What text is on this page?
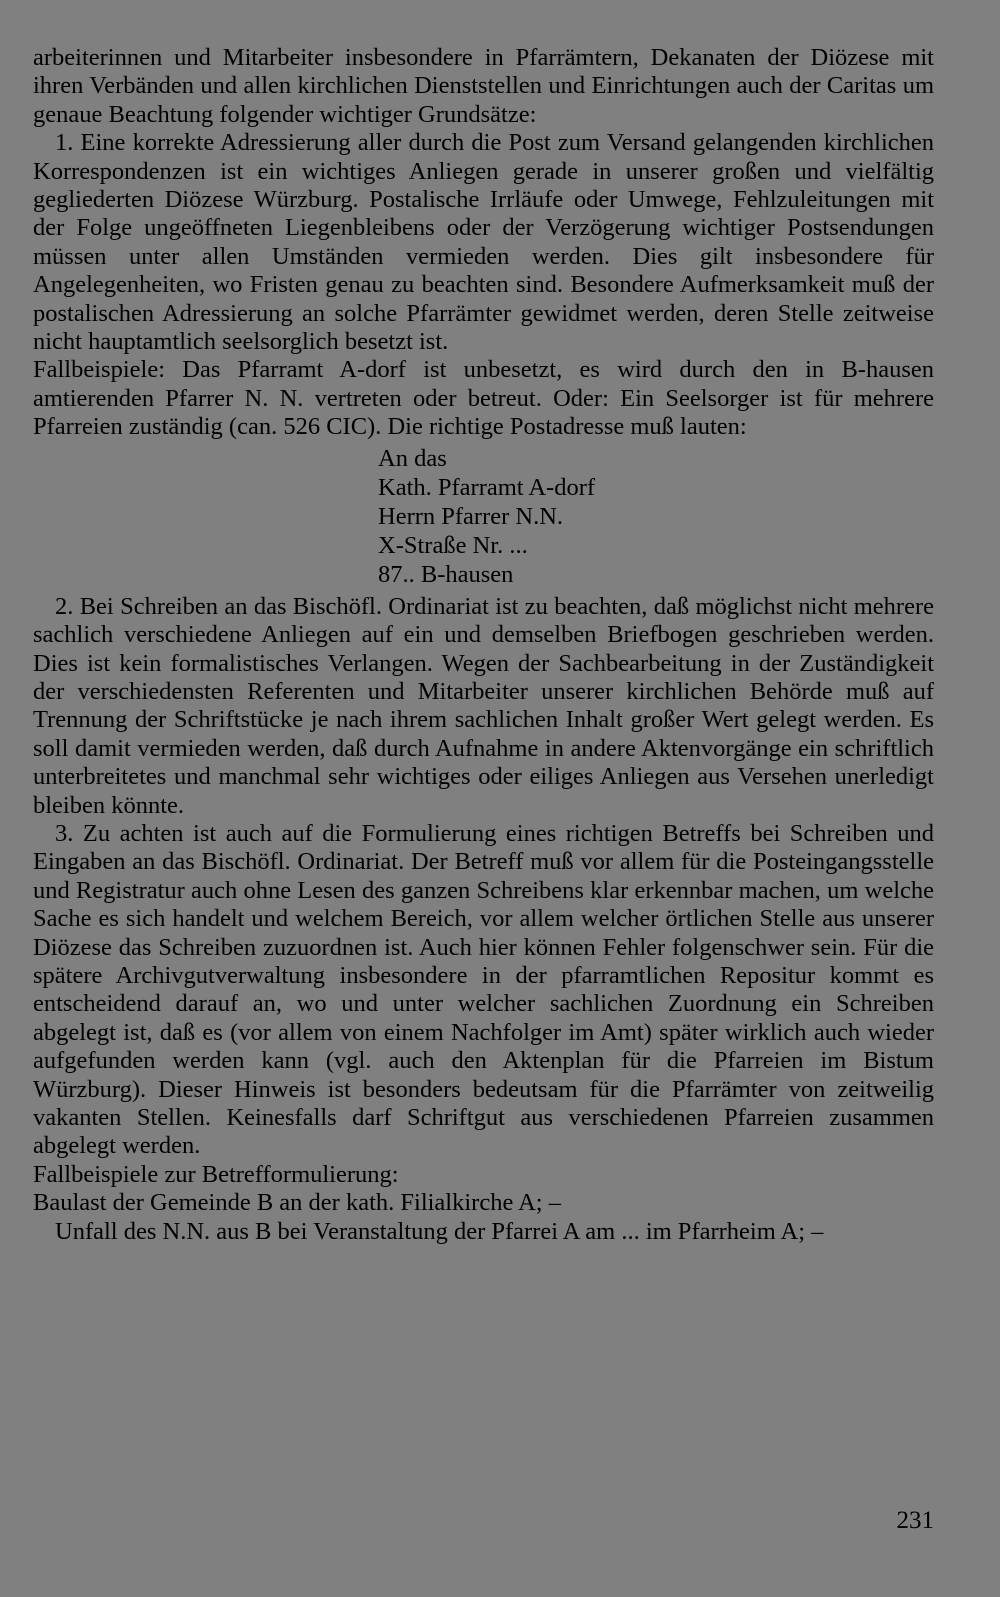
arbeiterinnen und Mitarbeiter insbesondere in Pfarrämtern, Dekanaten der Diözese mit ihren Verbänden und allen kirchlichen Dienststellen und Einrichtungen auch der Caritas um genaue Beachtung folgender wichtiger Grundsätze:

1. Eine korrekte Adressierung aller durch die Post zum Versand gelangenden kirchlichen Korrespondenzen ist ein wichtiges Anliegen gerade in unserer großen und vielfältig gegliederten Diözese Würzburg. Postalische Irrläufe oder Umwege, Fehlzuleitungen mit der Folge ungeöffneten Liegenbleibens oder der Verzögerung wichtiger Postsendungen müssen unter allen Umständen vermieden werden. Dies gilt insbesondere für Angelegenheiten, wo Fristen genau zu beachten sind. Besondere Aufmerksamkeit muß der postalischen Adressierung an solche Pfarrämter gewidmet werden, deren Stelle zeitweise nicht hauptamtlich seelsorglich besetzt ist.

Fallbeispiele: Das Pfarramt A-dorf ist unbesetzt, es wird durch den in B-hausen amtierenden Pfarrer N. N. vertreten oder betreut. Oder: Ein Seelsorger ist für mehrere Pfarreien zuständig (can. 526 CIC). Die richtige Postadresse muß lauten:

An das
Kath. Pfarramt A-dorf
Herrn Pfarrer N.N.
X-Straße Nr. ...
87.. B-hausen

2. Bei Schreiben an das Bischöfl. Ordinariat ist zu beachten, daß möglichst nicht mehrere sachlich verschiedene Anliegen auf ein und demselben Briefbogen geschrieben werden. Dies ist kein formalistisches Verlangen. Wegen der Sachbearbeitung in der Zuständigkeit der verschiedensten Referenten und Mitarbeiter unserer kirchlichen Behörde muß auf Trennung der Schriftstücke je nach ihrem sachlichen Inhalt großer Wert gelegt werden. Es soll damit vermieden werden, daß durch Aufnahme in andere Aktenvorgänge ein schriftlich unterbreitetes und manchmal sehr wichtiges oder eiliges Anliegen aus Versehen unerledigt bleiben könnte.

3. Zu achten ist auch auf die Formulierung eines richtigen Betreffs bei Schreiben und Eingaben an das Bischöfl. Ordinariat. Der Betreff muß vor allem für die Posteingangsstelle und Registratur auch ohne Lesen des ganzen Schreibens klar erkennbar machen, um welche Sache es sich handelt und welchem Bereich, vor allem welcher örtlichen Stelle aus unserer Diözese das Schreiben zuzuordnen ist. Auch hier können Fehler folgenschwer sein. Für die spätere Archivgutverwaltung insbesondere in der pfarramtlichen Repositur kommt es entscheidend darauf an, wo und unter welcher sachlichen Zuordnung ein Schreiben abgelegt ist, daß es (vor allem von einem Nachfolger im Amt) später wirklich auch wieder aufgefunden werden kann (vgl. auch den Aktenplan für die Pfarreien im Bistum Würzburg). Dieser Hinweis ist besonders bedeutsam für die Pfarrämter von zeitweilig vakanten Stellen. Keinesfalls darf Schriftgut aus verschiedenen Pfarreien zusammen abgelegt werden.

Fallbeispiele zur Betrefformulierung:

Baulast der Gemeinde B an der kath. Filialkirche A; –

Unfall des N.N. aus B bei Veranstaltung der Pfarrei A am ... im Pfarrheim A; –

231
